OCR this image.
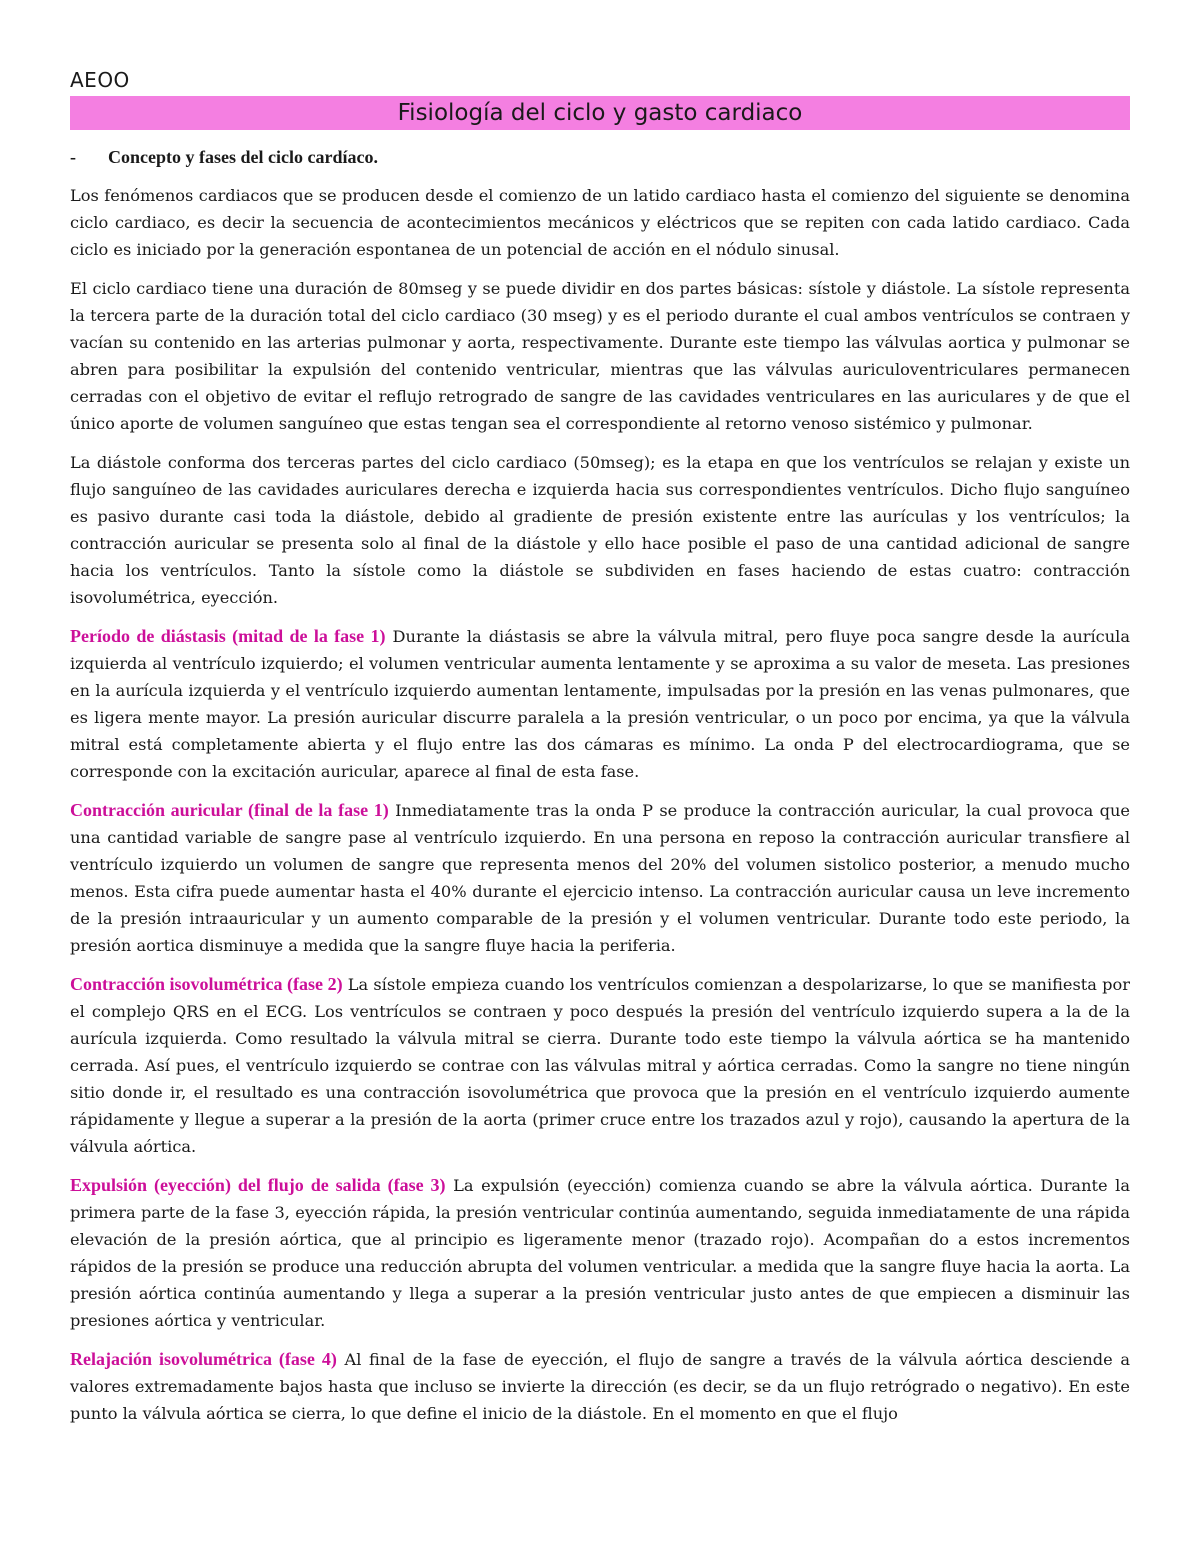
AEOO
Fisiología del ciclo y gasto cardiaco
-	Concepto y fases del ciclo cardíaco.

Los fenómenos cardiacos que se producen desde el comienzo de un latido cardiaco hasta el comienzo del siguiente se denomina ciclo cardiaco, es decir la secuencia de acontecimientos mecánicos y eléctricos que se repiten con cada latido cardiaco. Cada ciclo es iniciado por la generación espontanea de un potencial de acción en el nódulo sinusal.

El ciclo cardiaco tiene una duración de 80mseg y se puede dividir en dos partes básicas: sístole y diástole. La sístole representa la tercera parte de la duración total del ciclo cardiaco (30 mseg) y es el periodo durante el cual ambos ventrículos se contraen y vacían su contenido en las arterias pulmonar y aorta, respectivamente. Durante este tiempo las válvulas aortica y pulmonar se abren para posibilitar la expulsión del contenido ventricular, mientras que las válvulas auriculoventriculares permanecen cerradas con el objetivo de evitar el reflujo retrogrado de sangre de las cavidades ventriculares en las auriculares y de que el único aporte de volumen sanguíneo que estas tengan sea el correspondiente al retorno venoso sistémico y pulmonar.

La diástole conforma dos terceras partes del ciclo cardiaco (50mseg); es la etapa en que los ventrículos se relajan y existe un flujo sanguíneo de las cavidades auriculares derecha e izquierda hacia sus correspondientes ventrículos. Dicho flujo sanguíneo es pasivo durante casi toda la diástole, debido al gradiente de presión existente entre las aurículas y los ventrículos; la contracción auricular se presenta solo al final de la diástole y ello hace posible el paso de una cantidad adicional de sangre hacia los ventrículos. Tanto la sístole como la diástole se subdividen en fases haciendo de estas cuatro: contracción isovolumétrica, eyección.

Período de diástasis (mitad de la fase 1) Durante la diástasis se abre la válvula mitral, pero fluye poca sangre desde la aurícula izquierda al ventrículo izquierdo; el volumen ventricular aumenta lentamente y se aproxima a su valor de meseta. Las presiones en la aurícula izquierda y el ventrículo izquierdo aumentan lentamente, impulsadas por la presión en las venas pulmonares, que es ligera mente mayor. La presión auricular discurre paralela a la presión ventricular, o un poco por encima, ya que la válvula mitral está completamente abierta y el flujo entre las dos cámaras es mínimo. La onda P del electrocardiograma, que se corresponde con la excitación auricular, aparece al final de esta fase.

Contracción auricular (final de la fase 1) Inmediatamente tras la onda P se produce la contracción auricular, la cual provoca que una cantidad variable de sangre pase al ventrículo izquierdo. En una persona en reposo la contracción auricular transfiere al ventrículo izquierdo un volumen de sangre que representa menos del 20% del volumen sistolico posterior, a menudo mucho menos. Esta cifra puede aumentar hasta el 40% durante el ejercicio intenso. La contracción auricular causa un leve incremento de la presión intraauricular y un aumento comparable de la presión y el volumen ventricular. Durante todo este periodo, la presión aortica disminuye a medida que la sangre fluye hacia la periferia.

Contracción isovolumétrica (fase 2) La sístole empieza cuando los ventrículos comienzan a despolarizarse, lo que se manifiesta por el complejo QRS en el ECG. Los ventrículos se contraen y poco después la presión del ventrículo izquierdo supera a la de la aurícula izquierda. Como resultado la válvula mitral se cierra. Durante todo este tiempo la válvula aórtica se ha mantenido cerrada. Así pues, el ventrículo izquierdo se contrae con las válvulas mitral y aórtica cerradas. Como la sangre no tiene ningún sitio donde ir, el resultado es una contracción isovolumétrica que provoca que la presión en el ventrículo izquierdo aumente rápidamente y llegue a superar a la presión de la aorta (primer cruce entre los trazados azul y rojo), causando la apertura de la válvula aórtica.

Expulsión (eyección) del flujo de salida (fase 3) La expulsión (eyección) comienza cuando se abre la válvula aórtica. Durante la primera parte de la fase 3, eyección rápida, la presión ventricular continúa aumentando, seguida inmediatamente de una rápida elevación de la presión aórtica, que al principio es ligeramente menor (trazado rojo). Acompañan do a estos incrementos rápidos de la presión se produce una reducción abrupta del volumen ventricular. a medida que la sangre fluye hacia la aorta. La presión aórtica continúa aumentando y llega a superar a la presión ventricular justo antes de que empiecen a disminuir las presiones aórtica y ventricular.

Relajación isovolumétrica (fase 4) Al final de la fase de eyección, el flujo de sangre a través de la válvula aórtica desciende a valores extremadamente bajos hasta que incluso se invierte la dirección (es decir, se da un flujo retrógrado o negativo). En este punto la válvula aórtica se cierra, lo que define el inicio de la diástole. En el momento en que el flujo
